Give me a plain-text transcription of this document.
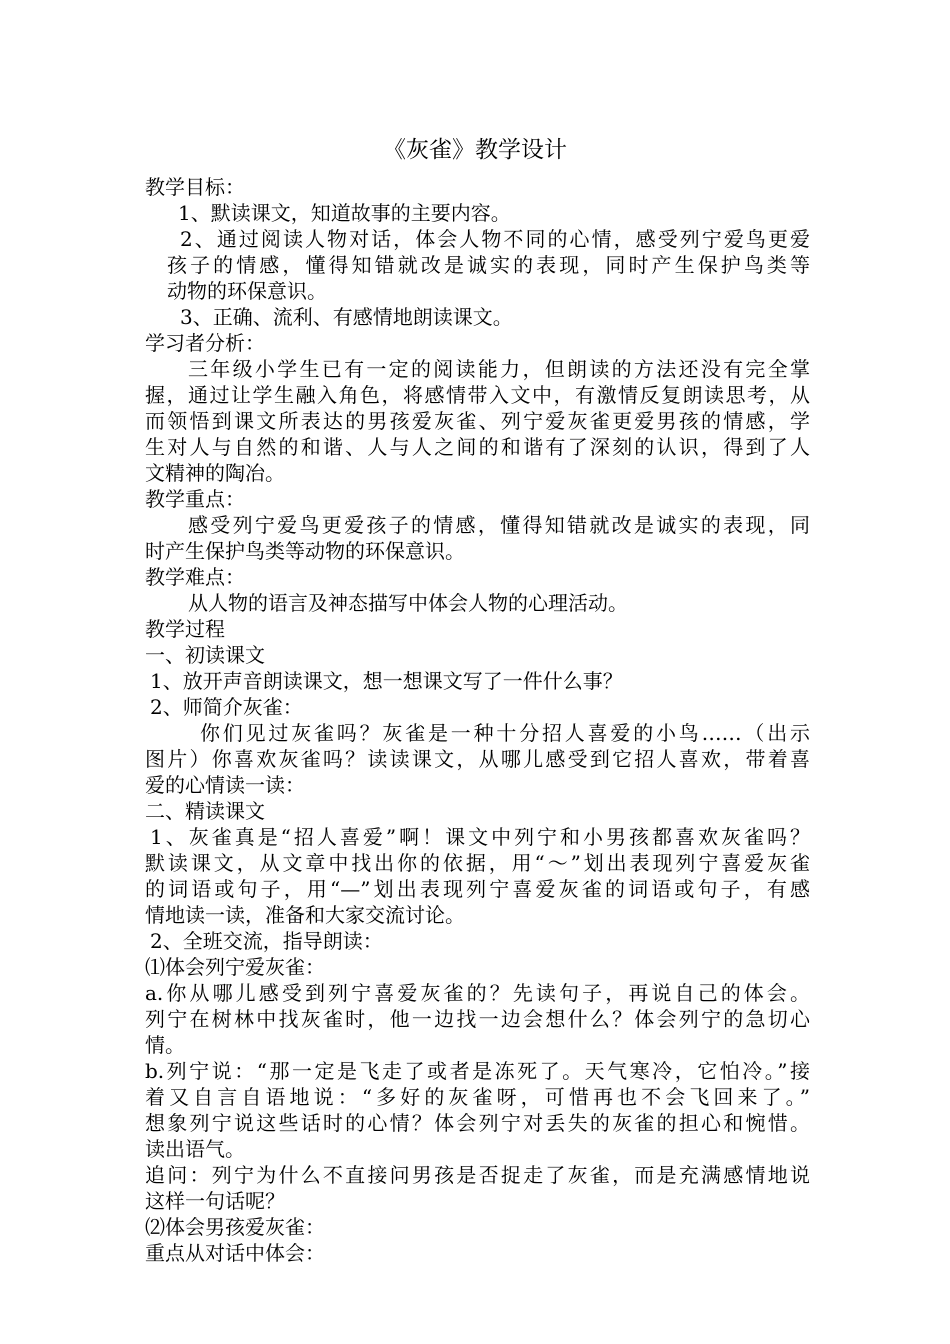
《灰雀》教学设计
教学目标：
1、默读课文，知道故事的主要内容。
2、通过阅读人物对话，体会人物不同的心情，感受列宁爱鸟更爱
孩子的情感，懂得知错就改是诚实的表现，同时产生保护鸟类等
动物的环保意识。
3、正确、流利、有感情地朗读课文。
学习者分析：
三年级小学生已有一定的阅读能力，但朗读的方法还没有完全掌
握，通过让学生融入角色，将感情带入文中，有激情反复朗读思考，从
而领悟到课文所表达的男孩爱灰雀、列宁爱灰雀更爱男孩的情感，学
生对人与自然的和谐、人与人之间的和谐有了深刻的认识，得到了人
文精神的陶冶。
教学重点：
感受列宁爱鸟更爱孩子的情感，懂得知错就改是诚实的表现，同
时产生保护鸟类等动物的环保意识。
教学难点：
从人物的语言及神态描写中体会人物的心理活动。
教学过程
一、初读课文
1、放开声音朗读课文，想一想课文写了一件什么事？
2、师简介灰雀：
你们见过灰雀吗？灰雀是一种十分招人喜爱的小鸟……（出示
图片）你喜欢灰雀吗？读读课文，从哪儿感受到它招人喜欢，带着喜
爱的心情读一读：
二、精读课文
1、灰雀真是“招人喜爱”啊！课文中列宁和小男孩都喜欢灰雀吗？
默读课文，从文章中找出你的依据，用“～”划出表现列宁喜爱灰雀
的词语或句子，用“—”划出表现列宁喜爱灰雀的词语或句子，有感
情地读一读，准备和大家交流讨论。
2、全班交流，指导朗读：
⑴体会列宁爱灰雀：
a.你从哪儿感受到列宁喜爱灰雀的？先读句子，再说自己的体会。
列宁在树林中找灰雀时，他一边找一边会想什么？体会列宁的急切心
情。
b.列宁说：“那一定是飞走了或者是冻死了。天气寒冷，它怕冷。”接
着又自言自语地说：“多好的灰雀呀，可惜再也不会飞回来了。”
想象列宁说这些话时的心情？体会列宁对丢失的灰雀的担心和惋惜。
读出语气。
追问：列宁为什么不直接问男孩是否捉走了灰雀，而是充满感情地说
这样一句话呢？
⑵体会男孩爱灰雀：
重点从对话中体会：
